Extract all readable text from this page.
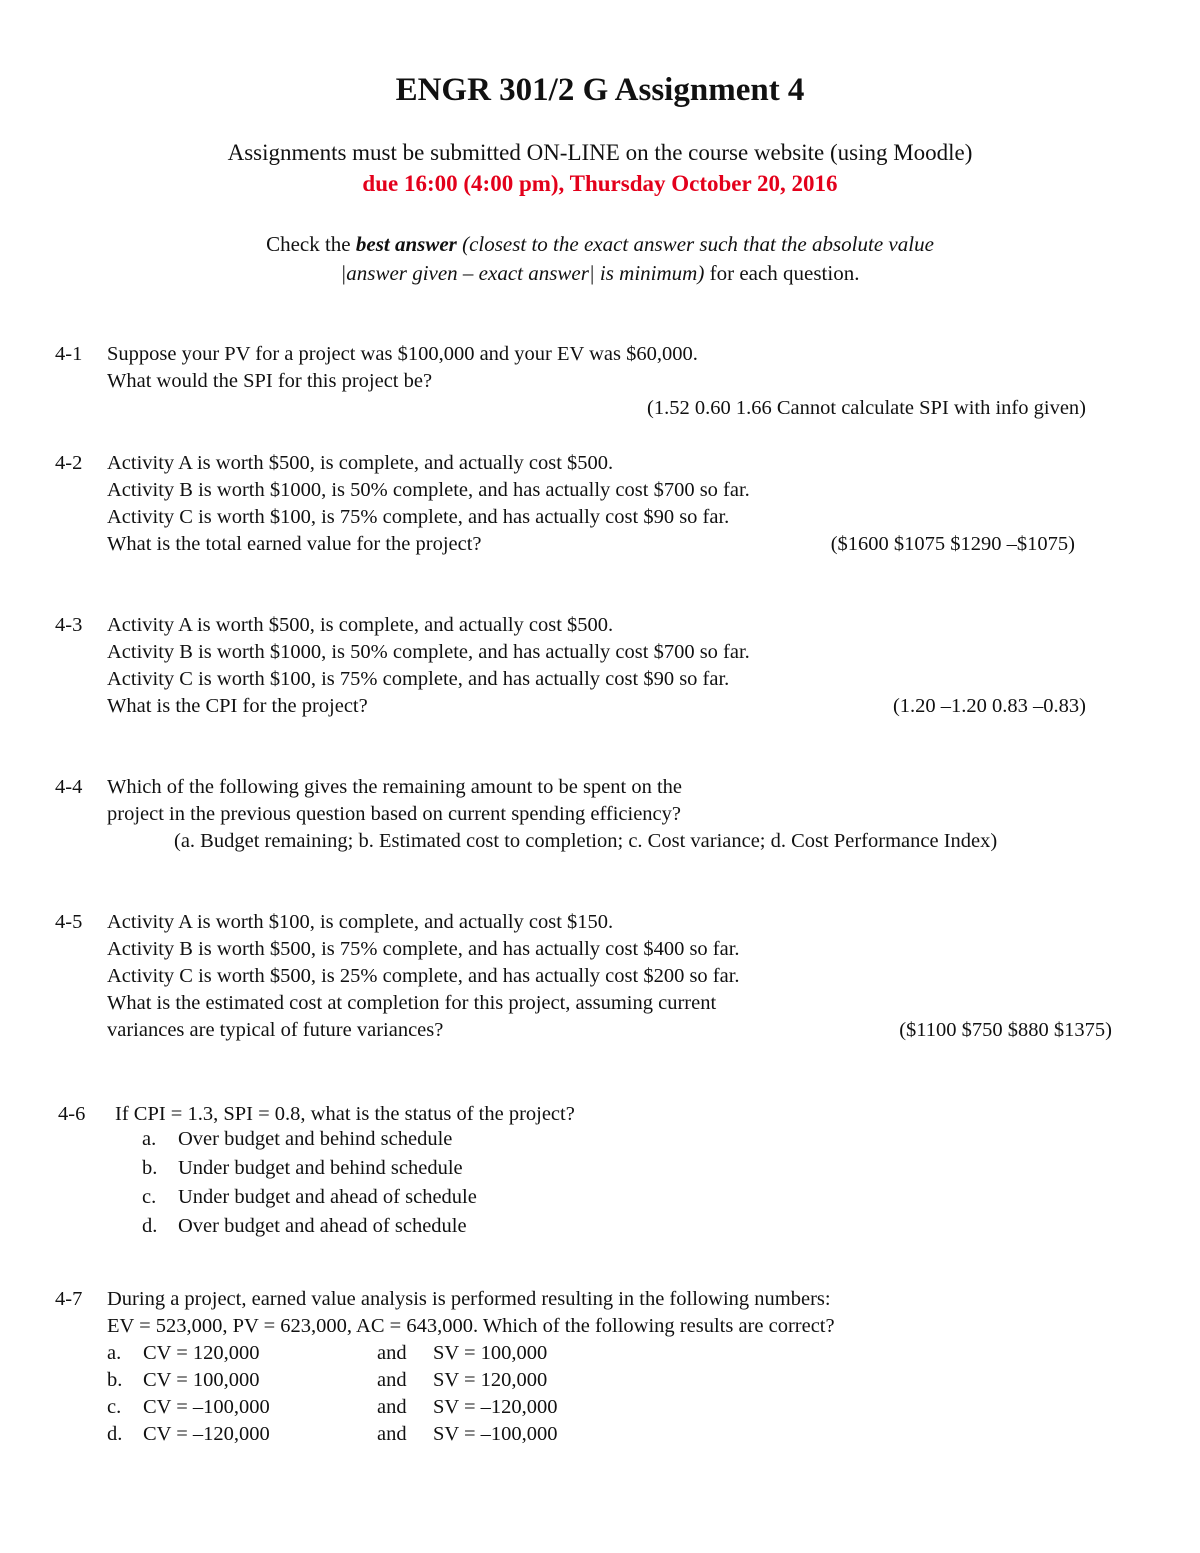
ENGR 301/2 G Assignment 4
Assignments must be submitted ON-LINE on the course website (using Moodle)
due 16:00 (4:00 pm), Thursday October 20, 2016
Check the best answer (closest to the exact answer such that the absolute value
|answer given – exact answer| is minimum) for each question.
4-1 Suppose your PV for a project was $100,000 and your EV was $60,000.
What would the SPI for this project be?
(1.52 0.60 1.66 Cannot calculate SPI with info given)
4-2 Activity A is worth $500, is complete, and actually cost $500.
Activity B is worth $1000, is 50% complete, and has actually cost $700 so far.
Activity C is worth $100, is 75% complete, and has actually cost $90 so far.
What is the total earned value for the project?	($1600 $1075 $1290 –$1075)
4-3 Activity A is worth $500, is complete, and actually cost $500.
Activity B is worth $1000, is 50% complete, and has actually cost $700 so far.
Activity C is worth $100, is 75% complete, and has actually cost $90 so far.
What is the CPI for the project?	(1.20 –1.20 0.83 –0.83)
4-4 Which of the following gives the remaining amount to be spent on the
project in the previous question based on current spending efficiency?
(a. Budget remaining; b. Estimated cost to completion; c. Cost variance; d. Cost Performance Index)
4-5 Activity A is worth $100, is complete, and actually cost $150.
Activity B is worth $500, is 75% complete, and has actually cost $400 so far.
Activity C is worth $500, is 25% complete, and has actually cost $200 so far.
What is the estimated cost at completion for this project, assuming current
variances are typical of future variances?	($1100 $750 $880 $1375)
4-6 If CPI = 1.3, SPI = 0.8, what is the status of the project?
a. Over budget and behind schedule
b. Under budget and behind schedule
c. Under budget and ahead of schedule
d. Over budget and ahead of schedule
4-7 During a project, earned value analysis is performed resulting in the following numbers:
EV = 523,000, PV = 623,000, AC = 643,000. Which of the following results are correct?
a. CV = 120,000	and SV = 100,000
b. CV = 100,000	and SV = 120,000
c. CV = –100,000	and SV = –120,000
d. CV = –120,000	and SV = –100,000
